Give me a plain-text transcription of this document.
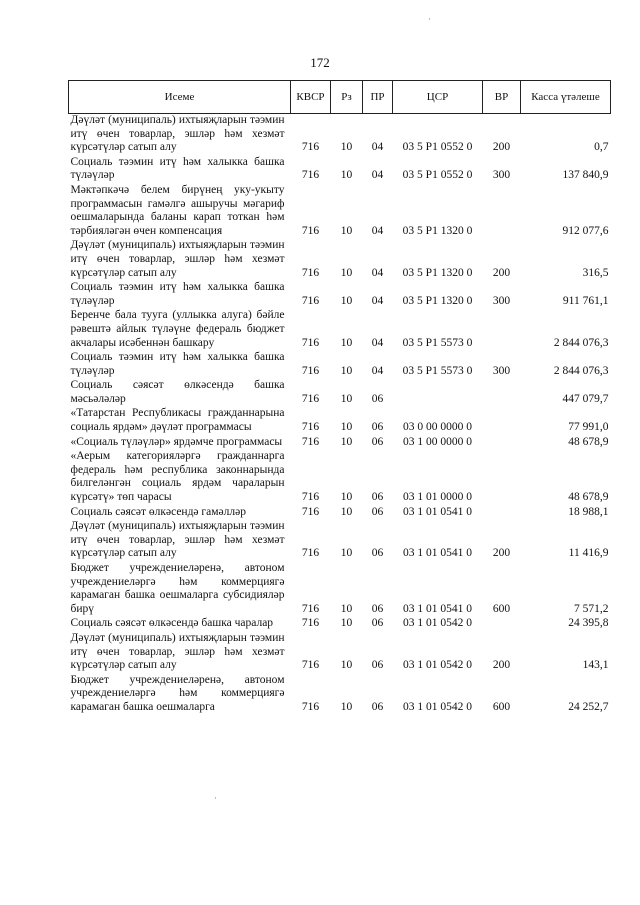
172
Исеме	КВСР	Рз	ПР	ЦСР	ВР	Касса үтәлеше
Дәүләт (муниципаль) ихтыяҗларын тәэмин итү өчен товарлар, эшләр һәм хезмәт күрсәтүләр сатып алу	716	10	04	03 5 P1 0552 0	200	0,7
Социаль тәэмин итү һәм халыкка башка түләүләр	716	10	04	03 5 P1 0552 0	300	137 840,9
Мәктәпкәчә белем бирүнең уку-укыту программасын гамәлгә ашыручы мәгариф оешмаларында баланы карап тоткан һәм тәрбияләгән өчен компенсация	716	10	04	03 5 P1 1320 0		912 077,6
Дәүләт (муниципаль) ихтыяҗларын тәэмин итү өчен товарлар, эшләр һәм хезмәт күрсәтүләр сатып алу	716	10	04	03 5 P1 1320 0	200	316,5
Социаль тәэмин итү һәм халыкка башка түләүләр	716	10	04	03 5 P1 1320 0	300	911 761,1
Беренче бала туугa (уллыкка алуга) бәйле рәвештә айлык түләүне федераль бюджет акчалары исәбеннән башкару	716	10	04	03 5 P1 5573 0		2 844 076,3
Социаль тәэмин итү һәм халыкка башка түләүләр	716	10	04	03 5 P1 5573 0	300	2 844 076,3
Социаль сәясәт өлкәсендә башка мәсьәләләр	716	10	06			447 079,7
«Татарстан Республикасы гражданнарына социаль ярдәм» дәүләт программасы	716	10	06	03 0 00 0000 0		77 991,0
«Социаль түләүләр» ярдәмче программасы	716	10	06	03 1 00 0000 0		48 678,9
«Аерым категорияләргә гражданнарга федераль һәм республика законнарында билгеләнгән социаль ярдәм чараларын күрсәтү» төп чарасы	716	10	06	03 1 01 0000 0		48 678,9
Социаль сәясәт өлкәсендә гамәлләр	716	10	06	03 1 01 0541 0		18 988,1
Дәүләт (муниципаль) ихтыяҗларын тәэмин итү өчен товарлар, эшләр һәм хезмәт күрсәтүләр сатып алу	716	10	06	03 1 01 0541 0	200	11 416,9
Бюджет учреждениеләренә, автоном учреждениеләргә һәм коммерциягә карамаган башка оешмаларга субсидияләр бирү	716	10	06	03 1 01 0541 0	600	7 571,2
Социаль сәясәт өлкәсендә башка чаралар	716	10	06	03 1 01 0542 0		24 395,8
Дәүләт (муниципаль) ихтыяҗларын тәэмин итү өчен товарлар, эшләр һәм хезмәт күрсәтүләр сатып алу	716	10	06	03 1 01 0542 0	200	143,1
Бюджет учреждениеләренә, автоном учреждениеләргә һәм коммерциягә карамаган башка оешмаларга	716	10	06	03 1 01 0542 0	600	24 252,7
·
·
